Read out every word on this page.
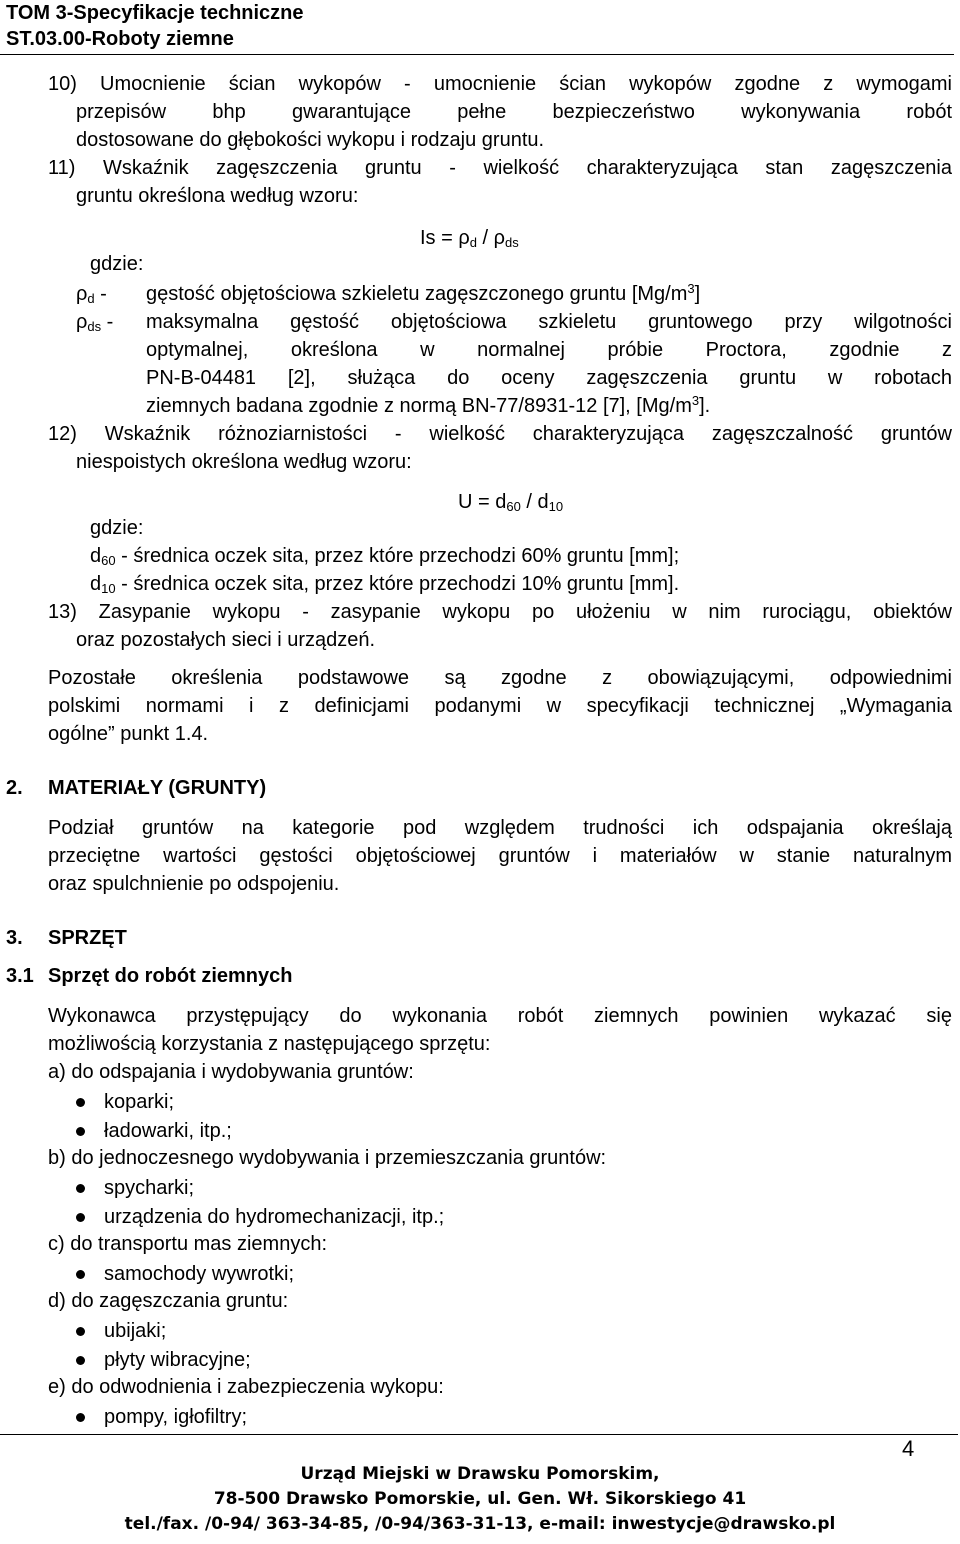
TOM 3-Specyfikacje techniczne
ST.03.00-Roboty ziemne
10) Umocnienie ścian wykopów - umocnienie ścian wykopów zgodne z wymogami
przepisów bhp gwarantujące pełne bezpieczeństwo wykonywania robót
dostosowane do głębokości wykopu i rodzaju gruntu.
11) Wskaźnik zagęszczenia gruntu - wielkość charakteryzująca stan zagęszczenia
gruntu określona według wzoru:
$Is = \rho_d / \rho_{ds}$
gdzie:
$\rho_d$ - gęstość objętościowa szkieletu zagęszczonego gruntu $[Mg/m^3]$
$\rho_{ds}$ - maksymalna gęstość objętościowa szkieletu gruntowego przy wilgotności
optymalnej, określona w normalnej próbie Proctora, zgodnie z
PN-B-04481 [2], służąca do oceny zagęszczenia gruntu w robotach
ziemnych badana zgodnie z normą BN-77/8931-12 [7], $[Mg/m^3]$.
12) Wskaźnik różnoziarnistości - wielkość charakteryzująca zagęszczalność gruntów
niespoistych określona według wzoru:
$U = d_{60} / d_{10}$
gdzie:
$d_{60}$ - średnica oczek sita, przez które przechodzi 60% gruntu [mm];
$d_{10}$ - średnica oczek sita, przez które przechodzi 10% gruntu [mm].
13) Zasypanie wykopu - zasypanie wykopu po ułożeniu w nim rurociągu, obiektów
oraz pozostałych sieci i urządzeń.
Pozostałe określenia podstawowe są zgodne z obowiązującymi, odpowiednimi
polskimi normami i z definicjami podanymi w specyfikacji technicznej „Wymagania
ogólne” punkt 1.4.
2. MATERIAŁY (GRUNTY)
Podział gruntów na kategorie pod względem trudności ich odspajania określają
przeciętne wartości gęstości objętościowej gruntów i materiałów w stanie naturalnym
oraz spulchnienie po odspojeniu.
3. SPRZĘT
3.1 Sprzęt do robót ziemnych
Wykonawca przystępujący do wykonania robót ziemnych powinien wykazać się
możliwością korzystania z następującego sprzętu:
a) do odspajania i wydobywania gruntów:
koparki;
ładowarki, itp.;
b) do jednoczesnego wydobywania i przemieszczania gruntów:
spycharki;
urządzenia do hydromechanizacji, itp.;
c) do transportu mas ziemnych:
samochody wywrotki;
d) do zagęszczania gruntu:
ubijaki;
płyty wibracyjne;
e) do odwodnienia i zabezpieczenia wykopu:
pompy, igłofiltry;
4
Urząd Miejski w Drawsku Pomorskim,
78-500 Drawsko Pomorskie, ul. Gen. Wł. Sikorskiego 41
tel./fax. /0-94/ 363-34-85, /0-94/363-31-13, e-mail: inwestycje@drawsko.pl
